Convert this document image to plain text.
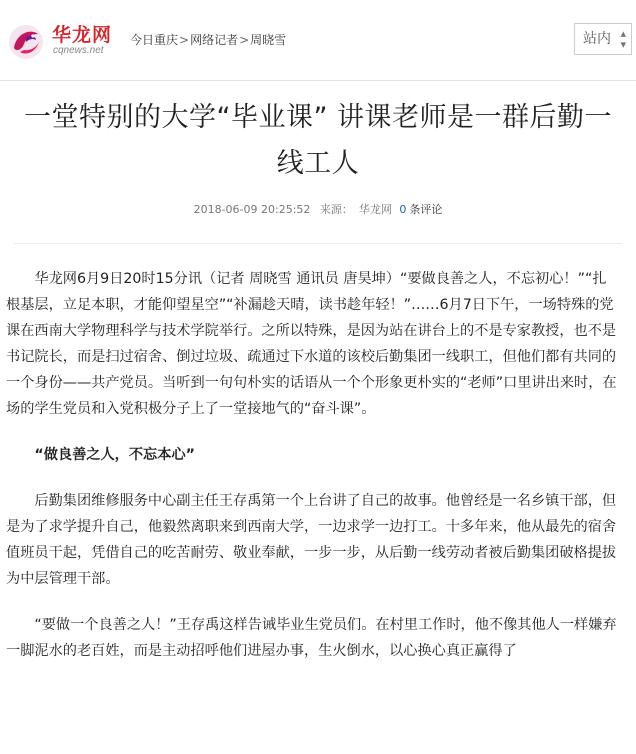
华龙网
cqnews.net
今日重庆>网络记者>周晓雪	站内 ▴
▾
一堂特别的大学“毕业课” 讲课老师是一群后勤一线工人
2018-06-09 20:25:52 来源： 华龙网 0 条评论

华龙网6月9日20时15分讯（记者 周晓雪 通讯员 唐昊坤）“要做良善之人，不忘初心！”“扎根基层，立足本职，才能仰望星空”“补漏趁天晴，读书趁年轻！”……6月7日下午，一场特殊的党课在西南大学物理科学与技术学院举行。之所以特殊，是因为站在讲台上的不是专家教授，也不是书记院长，而是扫过宿舍、倒过垃圾、疏通过下水道的该校后勤集团一线职工，但他们都有共同的一个身份——共产党员。当听到一句句朴实的话语从一个个形象更朴实的“老师”口里讲出来时，在场的学生党员和入党积极分子上了一堂接地气的“奋斗课”。

“做良善之人，不忘本心”

后勤集团维修服务中心副主任王存禹第一个上台讲了自己的故事。他曾经是一名乡镇干部，但是为了求学提升自己，他毅然离职来到西南大学，一边求学一边打工。十多年来，他从最先的宿舍值班员干起，凭借自己的吃苦耐劳、敬业奉献，一步一步，从后勤一线劳动者被后勤集团破格提拔为中层管理干部。

“要做一个良善之人！”王存禹这样告诫毕业生党员们。在村里工作时，他不像其他人一样嫌弃一脚泥水的老百姓，而是主动招呼他们进屋办事，生火倒水，以心换心真正赢得了
